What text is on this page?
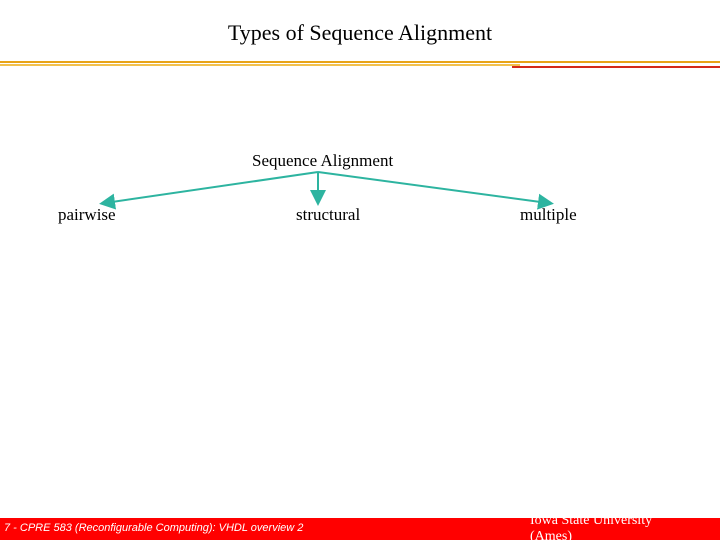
Types of Sequence Alignment
Sequence Alignment
pairwise	structural	multiple
7 - CPRE 583 (Reconfigurable Computing): VHDL overview 2	Iowa State University
(Ames)
